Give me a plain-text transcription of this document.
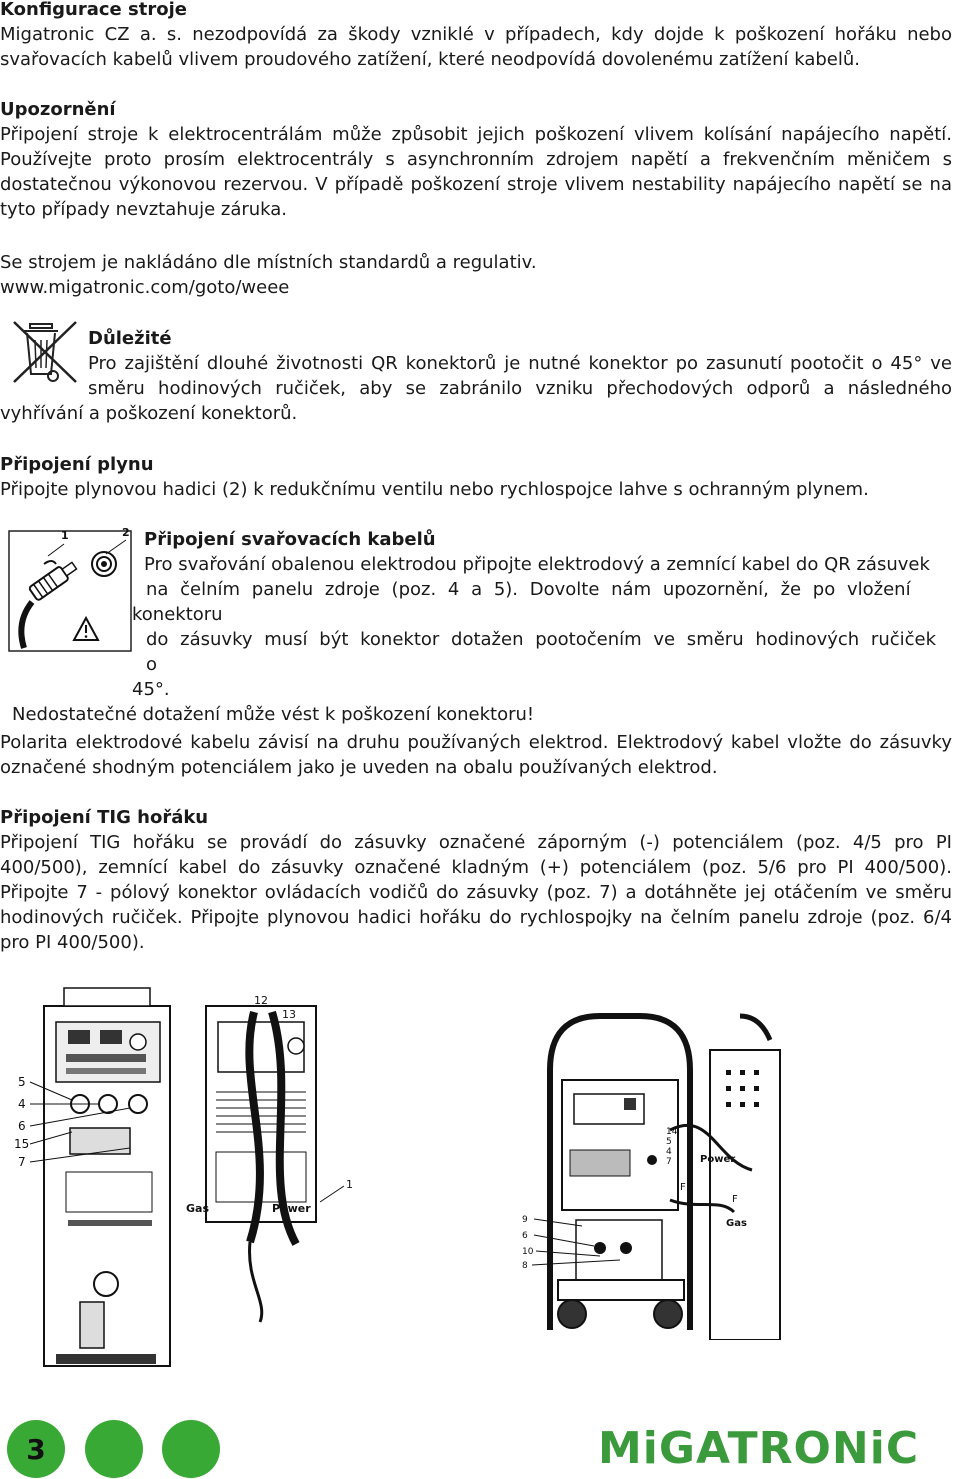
Konfigurace stroje
Migatronic CZ a. s. nezodpovídá za škody vzniklé v případech, kdy dojde k poškození hořáku nebo svařovacích kabelů vlivem proudového zatížení, které neodpovídá dovolenému zatížení kabelů.
Upozornění
Připojení stroje k elektrocentrálám může způsobit jejich poškození vlivem kolísání napájecího napětí. Používejte proto prosím elektrocentrály s asynchronním zdrojem napětí a frekvenčním měničem s dostatečnou výkonovou rezervou. V případě poškození stroje vlivem nestability napájecího napětí se na tyto případy nevztahuje záruka.
Se strojem je nakládáno dle místních standardů a regulativ.
www.migatronic.com/goto/weee
Důležité
Pro zajištění dlouhé životnosti QR konektorů je nutné konektor po zasunutí pootočit o 45° ve směru hodinových ručiček, aby se zabránilo vzniku přechodových odporů a následného vyhřívání a poškození konektorů.
Připojení plynu
Připojte plynovou hadici (2) k redukčnímu ventilu nebo rychlospojce lahve s ochranným plynem.
1	2 Připojení svařovacích kabelů
Pro svařování obalenou elektrodou připojte elektrodový a zemnící kabel do QR zásuvek
na čelním panelu zdroje (poz. 4 a 5). Dovolte nám upozornění, že po vložení
konektoru
do zásuvky musí být konektor dotažen pootočením ve směru hodinových ručiček o
45°.
Nedostatečné dotažení může vést k poškození konektoru!
Polarita elektrodové kabelu závisí na druhu používaných elektrod. Elektrodový kabel vložte do zásuvky označené shodným potenciálem jako je uveden na obalu používaných elektrod.
Připojení TIG hořáku
Připojení TIG hořáku se provádí do zásuvky označené záporným (-) potenciálem (poz. 4/5 pro PI 400/500), zemnící kabel do zásuvky označené kladným (+) potenciálem (poz. 5/6 pro PI 400/500). Připojte 7 - pólový konektor ovládacích vodičů do zásuvky (poz. 7) a dotáhněte jej otáčením ve směru hodinových ručiček. Připojte plynovou hadici hořáku do rychlospojky na čelním panelu zdroje (poz. 6/4 pro PI 400/500).
5
4
6
15
7
12
13
1
Gas	Power
Power
Gas
F
F
14
5
4
7
9
6
10
8
3	MiGATRONiC
